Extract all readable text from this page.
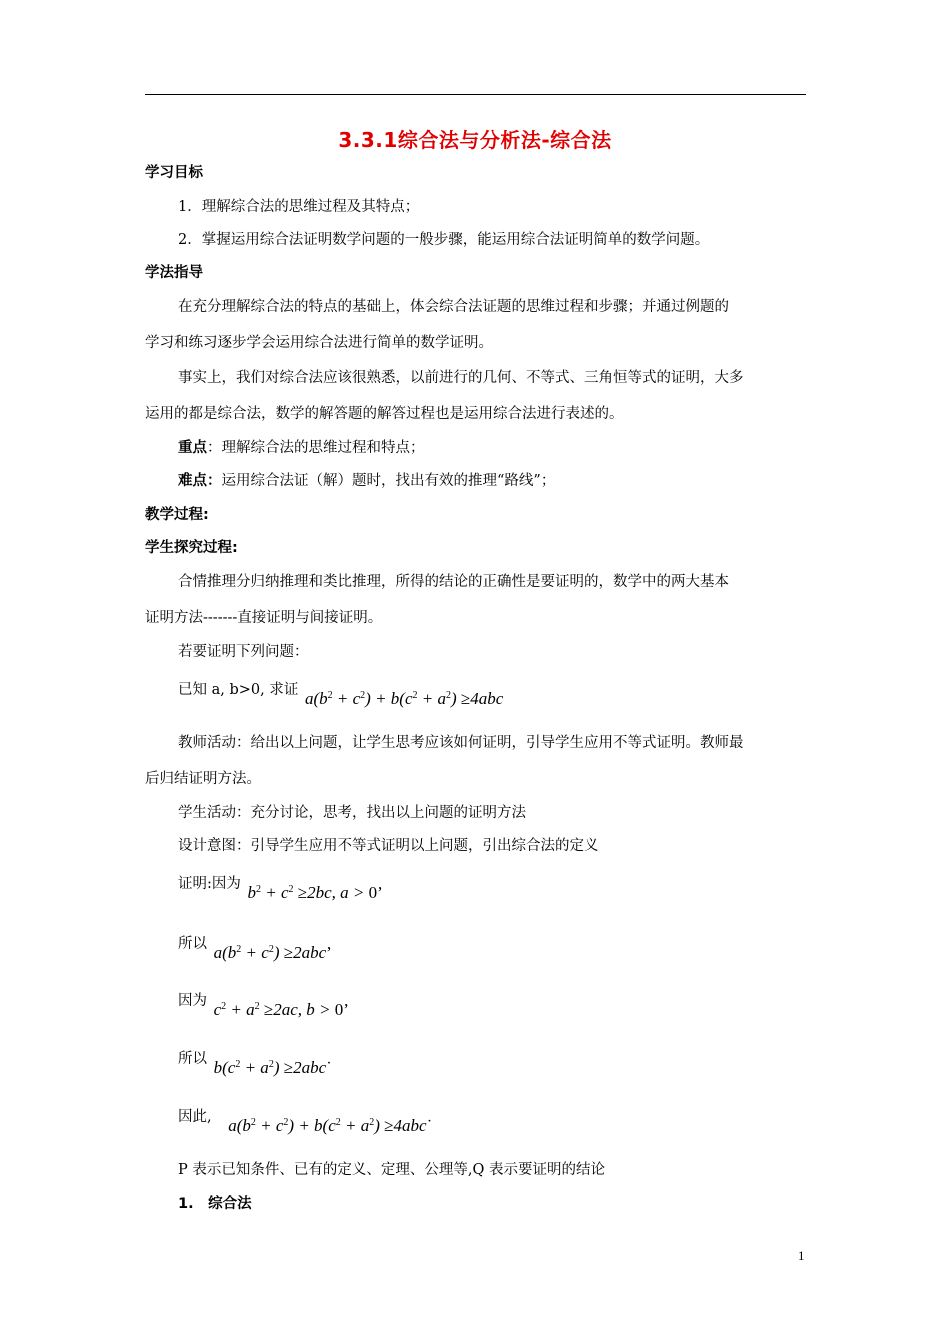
3.3.1综合法与分析法-综合法
学习目标
1．理解综合法的思维过程及其特点；
2．掌握运用综合法证明数学问题的一般步骤，能运用综合法证明简单的数学问题。
学法指导
在充分理解综合法的特点的基础上，体会综合法证题的思维过程和步骤；并通过例题的
学习和练习逐步学会运用综合法进行简单的数学证明。
事实上，我们对综合法应该很熟悉，以前进行的几何、不等式、三角恒等式的证明，大多
运用的都是综合法，数学的解答题的解答过程也是运用综合法进行表述的。
重点：理解综合法的思维过程和特点；
难点：运用综合法证（解）题时，找出有效的推理“路线”；
教学过程:
学生探究过程:
合情推理分归纳推理和类比推理，所得的结论的正确性是要证明的，数学中的两大基本
证明方法-------直接证明与间接证明。
若要证明下列问题：
已知 a, b>0, 求证 $a(b^2 + c^2) + b(c^2 + a^2) \ge 4abc$
教师活动：给出以上问题，让学生思考应该如何证明，引导学生应用不等式证明。教师最
后归结证明方法。
学生活动：充分讨论，思考，找出以上问题的证明方法
设计意图：引导学生应用不等式证明以上问题，引出综合法的定义
证明:因为 $b^2 + c^2 \ge 2bc$, a > 0’
所以 $a(b^2 + c^2) \ge 2abc$’
因为 $c^2 + a^2 \ge 2ac$, b > 0’
所以 $b(c^2 + a^2)$ ≥2abc˙
因此, $a(b^2 + c^2) + b(c^2 + a^2)$ ≥4abc˙
P 表示已知条件、已有的定义、定理、公理等,Q 表示要证明的结论
1.　综合法
1
